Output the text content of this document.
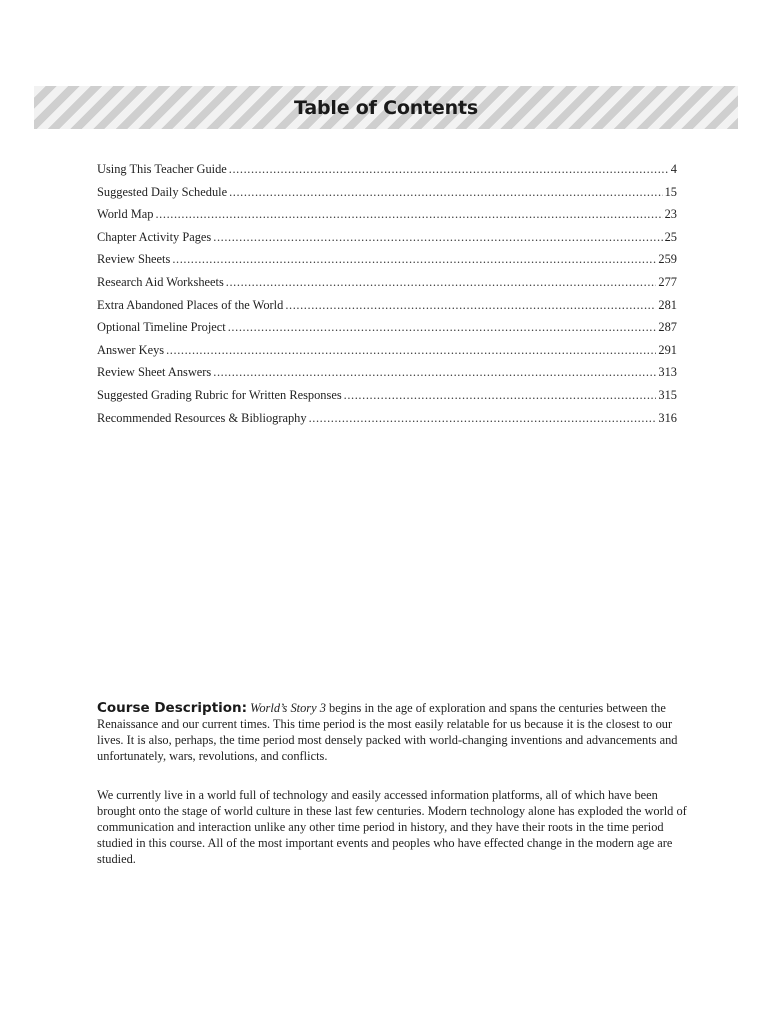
Table of Contents
Using This Teacher Guide .....	4
Suggested Daily Schedule .....	15
World Map .....	23
Chapter Activity Pages .....	25
Review Sheets .....	259
Research Aid Worksheets .....	277
Extra Abandoned Places of the World .....	281
Optional Timeline Project .....	287
Answer Keys .....	291
Review Sheet Answers .....	313
Suggested Grading Rubric for Written Responses .....	315
Recommended Resources & Bibliography .....	316

Course Description: World’s Story 3 begins in the age of exploration and spans the centuries between the Renaissance and our current times. This time period is the most easily relatable for us because it is the closest to our lives. It is also, perhaps, the time period most densely packed with world-changing inventions and advancements and unfortunately, wars, revolutions, and conflicts.

We currently live in a world full of technology and easily accessed information platforms, all of which have been brought onto the stage of world culture in these last few centuries. Modern technology alone has exploded the world of communication and interaction unlike any other time period in history, and they have their roots in the time period studied in this course. All of the most important events and peoples who have effected change in the modern age are studied.
